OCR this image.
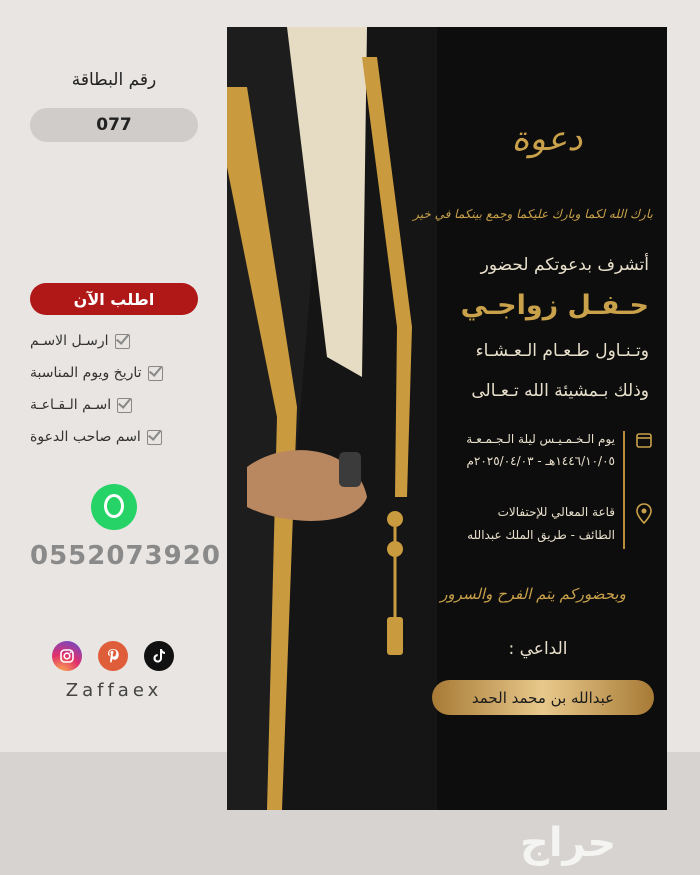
رقم البطاقة
077
اطلب الآن
ارسـل الاسـم
تاريخ ويوم المناسبة
اسـم الـقـاعـة
اسم صاحب الدعوة
0552073920
Zaffaex
دعوة
بارك الله لكما وبارك عليكما وجمع بينكما في خير
أتشرف بدعوتكم لحضور
حـفـل زواجـي
وتـنـاول طـعـام الـعـشـاء
وذلك بـمشيئة الله تـعـالى
يوم الـخـمـيـس ليلة الـجـمـعـة
١٤٤٦/١٠/٠٥هـ - ٢٠٢٥/٠٤/٠٣م
قاعة المعالي للإحتفالات
الطائف - طريق الملك عبدالله
وبحضوركم يتم الفرح والسرور
الداعي :
عبدالله بن محمد الحمد
حراج
